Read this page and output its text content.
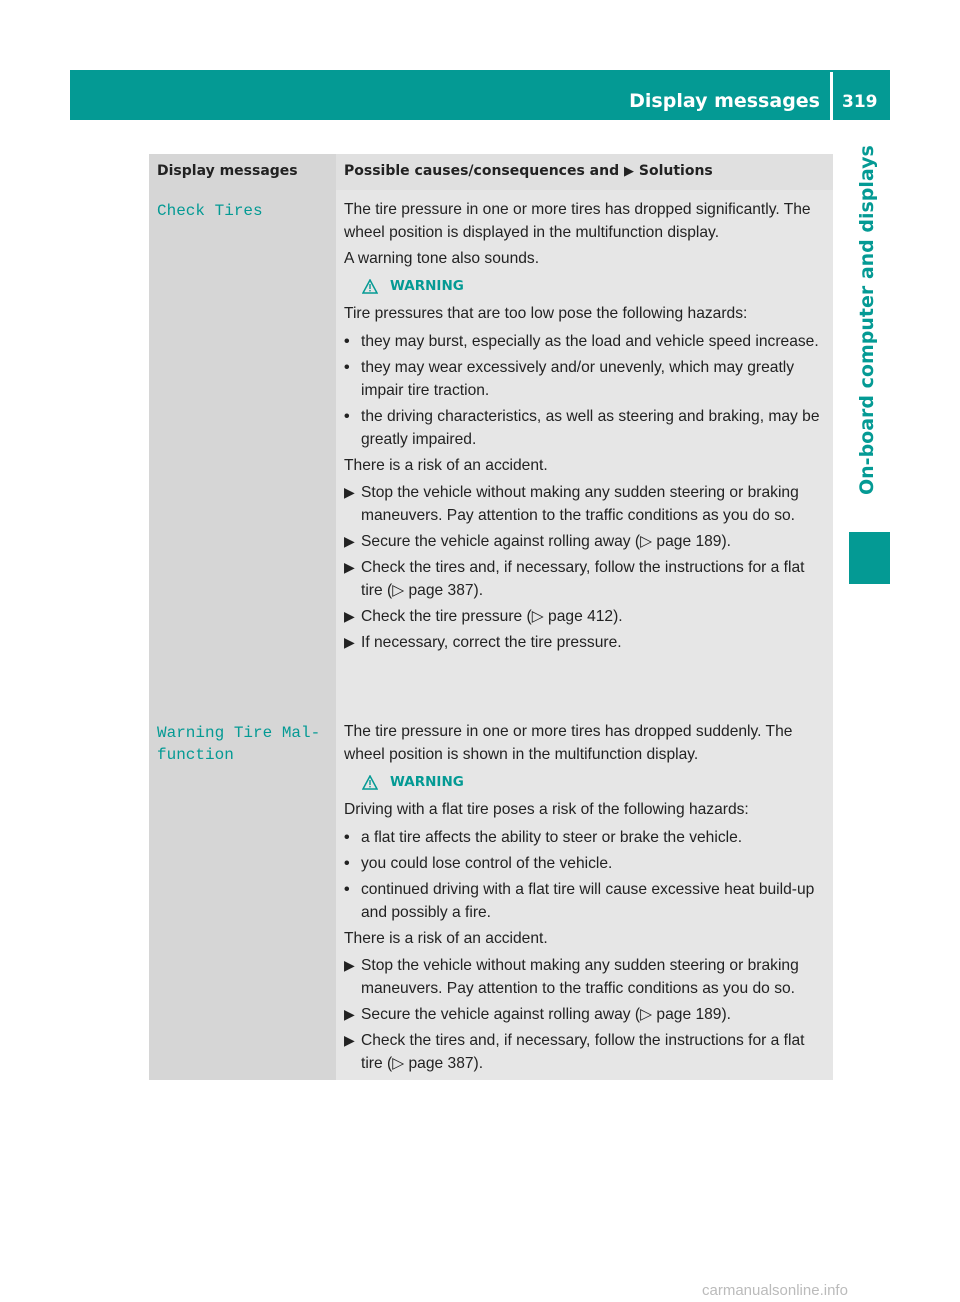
Display messages 319
On-board computer and displays
Display messages	Possible causes/consequences and ▶ Solutions
Check Tires	The tire pressure in one or more tires has dropped significantly. The wheel position is displayed in the multifunction display.
A warning tone also sounds.
WARNING
Tire pressures that are too low pose the following hazards:
• they may burst, especially as the load and vehicle speed increase.
• they may wear excessively and/or unevenly, which may greatly impair tire traction.
• the driving characteristics, as well as steering and braking, may be greatly impaired.
There is a risk of an accident.
▶ Stop the vehicle without making any sudden steering or braking maneuvers. Pay attention to the traffic conditions as you do so.
▶ Secure the vehicle against rolling away (▷ page 189).
▶ Check the tires and, if necessary, follow the instructions for a flat tire (▷ page 387).
▶ Check the tire pressure (▷ page 412).
▶ If necessary, correct the tire pressure.
Warning Tire Mal‐
function
The tire pressure in one or more tires has dropped suddenly. The wheel position is shown in the multifunction display.
WARNING
Driving with a flat tire poses a risk of the following hazards:
• a flat tire affects the ability to steer or brake the vehicle.
• you could lose control of the vehicle.
• continued driving with a flat tire will cause excessive heat build-up and possibly a fire.
There is a risk of an accident.
▶ Stop the vehicle without making any sudden steering or braking maneuvers. Pay attention to the traffic conditions as you do so.
▶ Secure the vehicle against rolling away (▷ page 189).
▶ Check the tires and, if necessary, follow the instructions for a flat tire (▷ page 387).
carmanualsonline.info
